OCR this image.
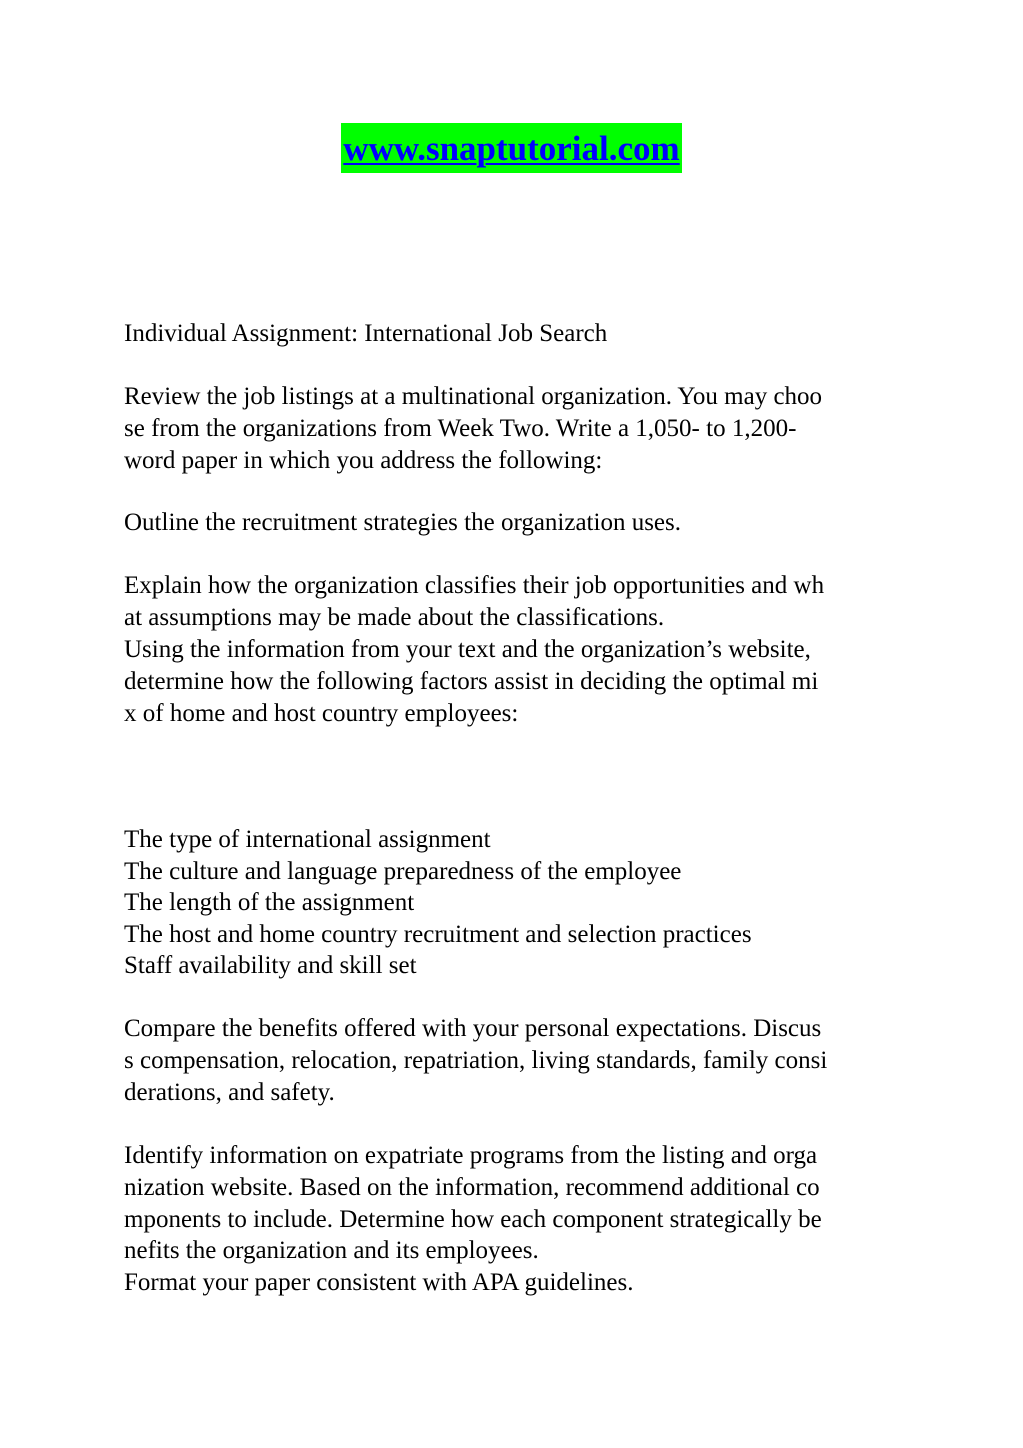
www.snaptutorial.com
Individual Assignment: International Job Search
Review the job listings at a multinational organization. You may choo
se from the organizations from Week Two. Write a 1,050- to 1,200-
word paper in which you address the following:
Outline the recruitment strategies the organization uses.
Explain how the organization classifies their job opportunities and wh
at assumptions may be made about the classifications.
Using the information from your text and the organization’s website,
determine how the following factors assist in deciding the optimal mi
x of home and host country employees:
The type of international assignment
The culture and language preparedness of the employee
The length of the assignment
The host and home country recruitment and selection practices
Staff availability and skill set
Compare the benefits offered with your personal expectations. Discus
s compensation, relocation, repatriation, living standards, family consi
derations, and safety.
Identify information on expatriate programs from the listing and orga
nization website. Based on the information, recommend additional co
mponents to include. Determine how each component strategically be
nefits the organization and its employees.
Format your paper consistent with APA guidelines.
